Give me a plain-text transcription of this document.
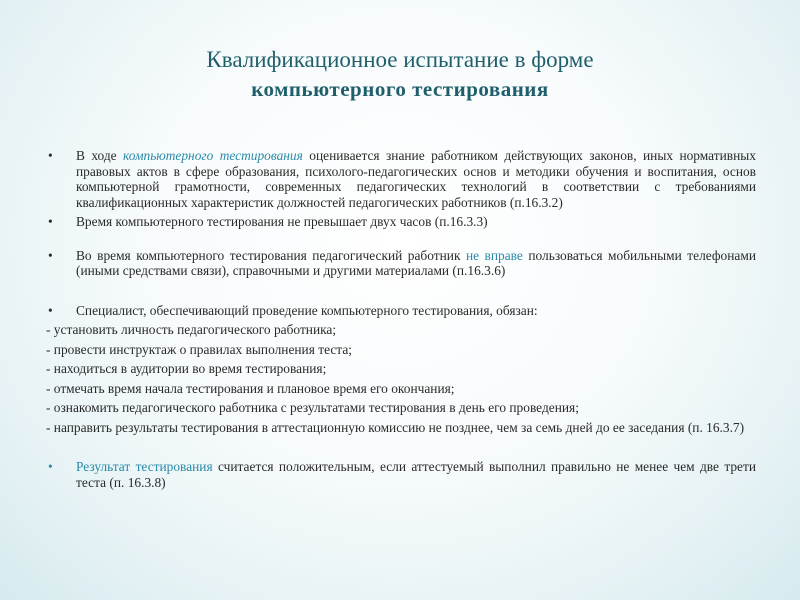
Квалификационное испытание в форме
компьютерного тестирования
• В ходе компьютерного тестирования оценивается знание работником действующих законов, иных нормативных правовых актов в сфере образования, психолого-педагогических основ и методики обучения и воспитания, основ компьютерной грамотности, современных педагогических технологий в соответствии с требованиями квалификационных характеристик должностей педагогических работников (п.16.3.2)
• Время компьютерного тестирования не превышает двух часов (п.16.3.3)
• Во время компьютерного тестирования педагогический работник не вправе пользоваться мобильными телефонами (иными средствами связи), справочными и другими материалами (п.16.3.6)
• Специалист, обеспечивающий проведение компьютерного тестирования, обязан:
- установить личность педагогического работника;
- провести инструктаж о правилах выполнения теста;
- находиться в аудитории во время тестирования;
- отмечать время начала тестирования и плановое время его окончания;
- ознакомить педагогического работника с результатами тестирования в день его проведения;
- направить результаты тестирования в аттестационную комиссию не позднее, чем за семь дней до ее заседания (п. 16.3.7)
• Результат тестирования считается положительным, если аттестуемый выполнил правильно не менее чем две трети теста (п. 16.3.8)
